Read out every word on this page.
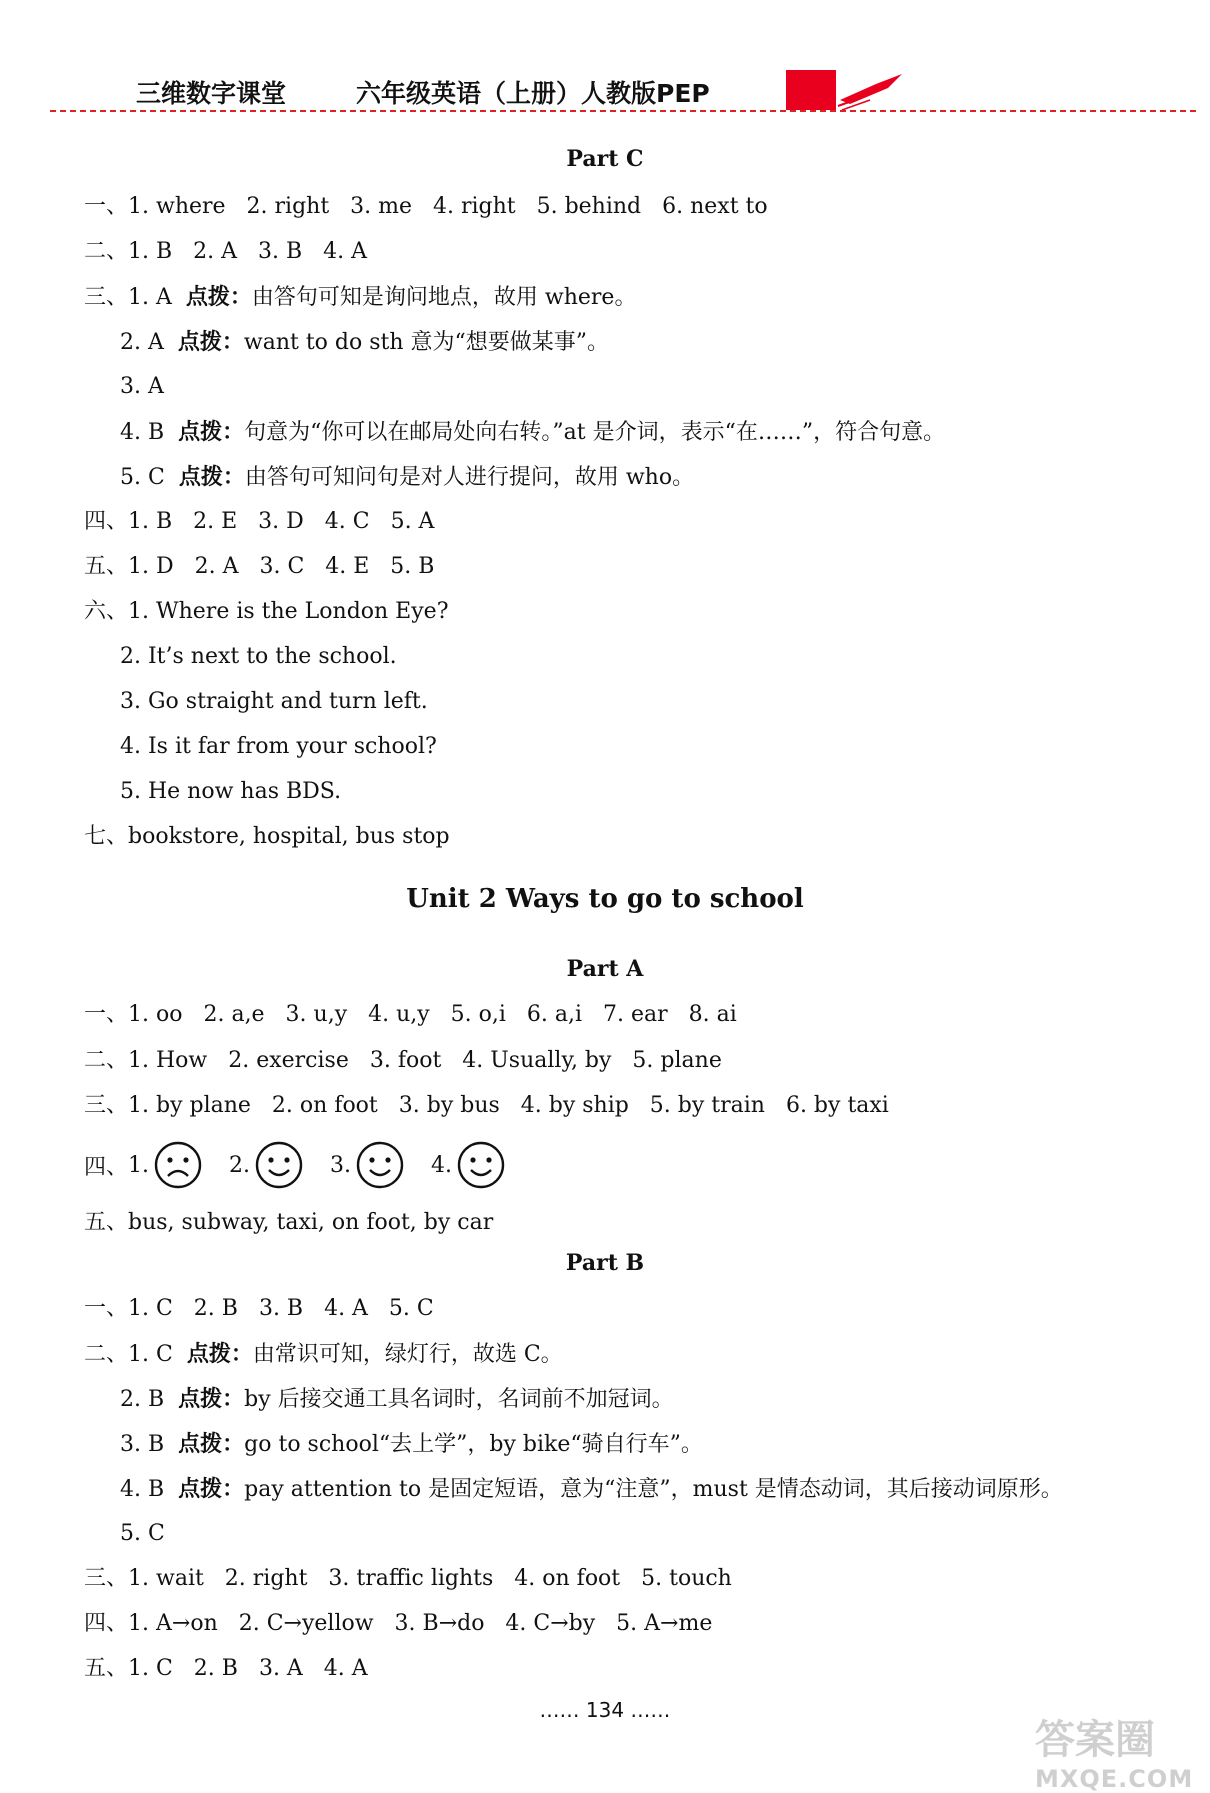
三维数字课堂	六年级英语（上册）人教版PEP
Part C
一、1. where   2. right   3. me   4. right   5. behind   6. next to
二、1. B   2. A   3. B   4. A
三、1. A  点拨：由答句可知是询问地点，故用 where。
2. A  点拨：want to do sth 意为“想要做某事”。
3. A
4. B  点拨：句意为“你可以在邮局处向右转。”at 是介词，表示“在……”，符合句意。
5. C  点拨：由答句可知问句是对人进行提问，故用 who。
四、1. B   2. E   3. D   4. C   5. A
五、1. D   2. A   3. C   4. E   5. B
六、1. Where is the London Eye?
2. It’s next to the school.
3. Go straight and turn left.
4. Is it far from your school?
5. He now has BDS.
七、bookstore, hospital, bus stop
Unit 2 Ways to go to school
Part A
一、1. oo   2. a,e   3. u,y   4. u,y   5. o,i   6. a,i   7. ear   8. ai
二、1. How   2. exercise   3. foot   4. Usually, by   5. plane
三、1. by plane   2. on foot   3. by bus   4. by ship   5. by train   6. by taxi
四、 1.	2.	3.	4.
五、bus, subway, taxi, on foot, by car
Part B
一、1. C   2. B   3. B   4. A   5. C
二、1. C  点拨：由常识可知，绿灯行，故选 C。
2. B  点拨：by 后接交通工具名词时，名词前不加冠词。
3. B  点拨：go to school“去上学”，by bike“骑自行车”。
4. B  点拨：pay attention to 是固定短语，意为“注意”，must 是情态动词，其后接动词原形。
5. C
三、1. wait   2. right   3. traffic lights   4. on foot   5. touch
四、1. A→on   2. C→yellow   3. B→do   4. C→by   5. A→me
五、1. C   2. B   3. A   4. A
…… 134 ……
答案圈
MXQE.COM
